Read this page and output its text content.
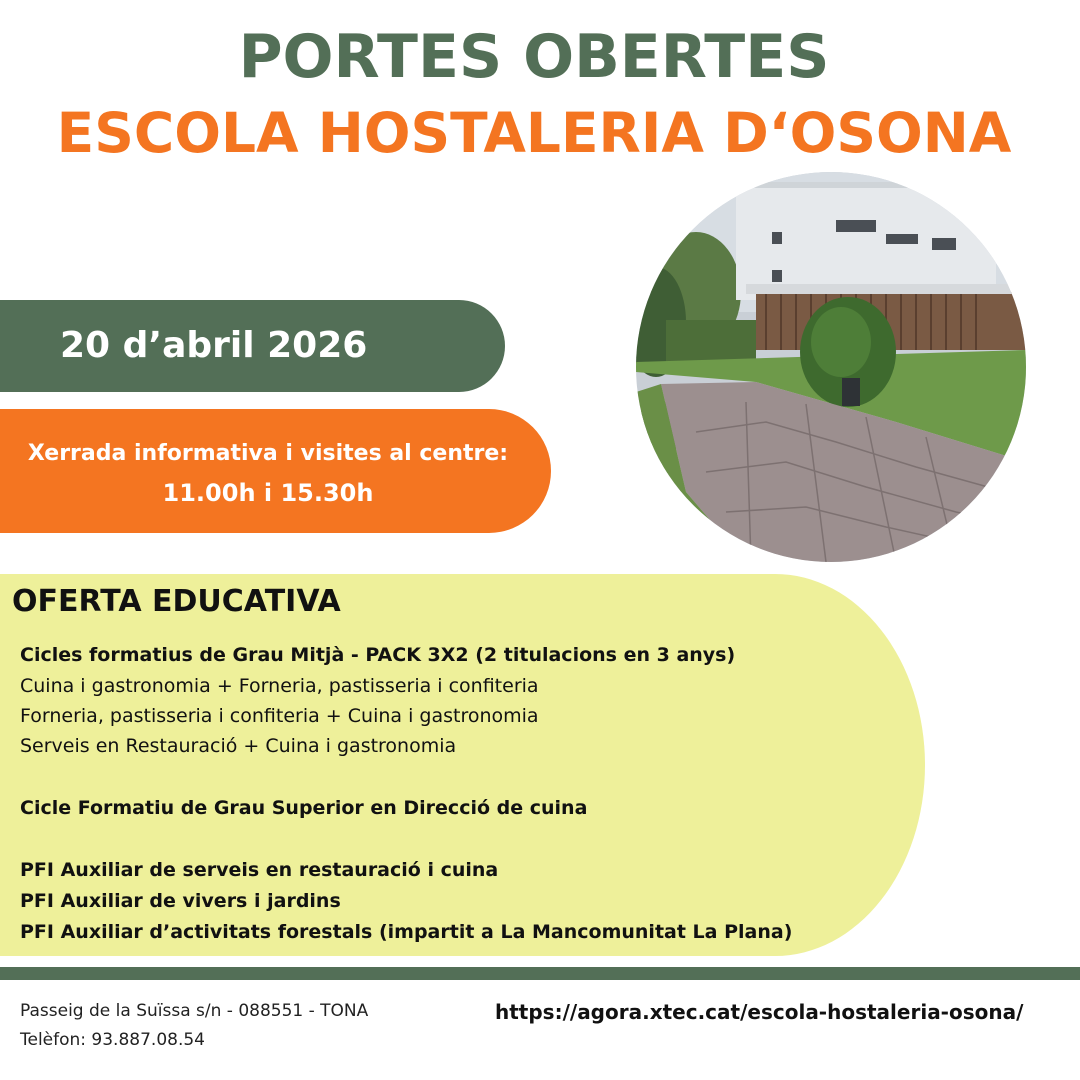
PORTES OBERTES
ESCOLA HOSTALERIA D‘OSONA
20 d’abril 2026
Xerrada informativa i visites al centre:
11.00h i 15.30h
OFERTA EDUCATIVA
Cicles formatius de Grau Mitjà - PACK 3X2 (2 titulacions en 3 anys)
Cuina i gastronomia + Forneria, pastisseria i confiteria
Forneria, pastisseria i confiteria + Cuina i gastronomia
Serveis en Restauració + Cuina i gastronomia
Cicle Formatiu de Grau Superior en Direcció de cuina
PFI Auxiliar de serveis en restauració i cuina
PFI Auxiliar de vivers i jardins
PFI Auxiliar d’activitats forestals (impartit a La Mancomunitat La Plana)
Passeig de la Suïssa s/n - 088551 - TONA
Telèfon: 93.887.08.54
https://agora.xtec.cat/escola-hostaleria-osona/
